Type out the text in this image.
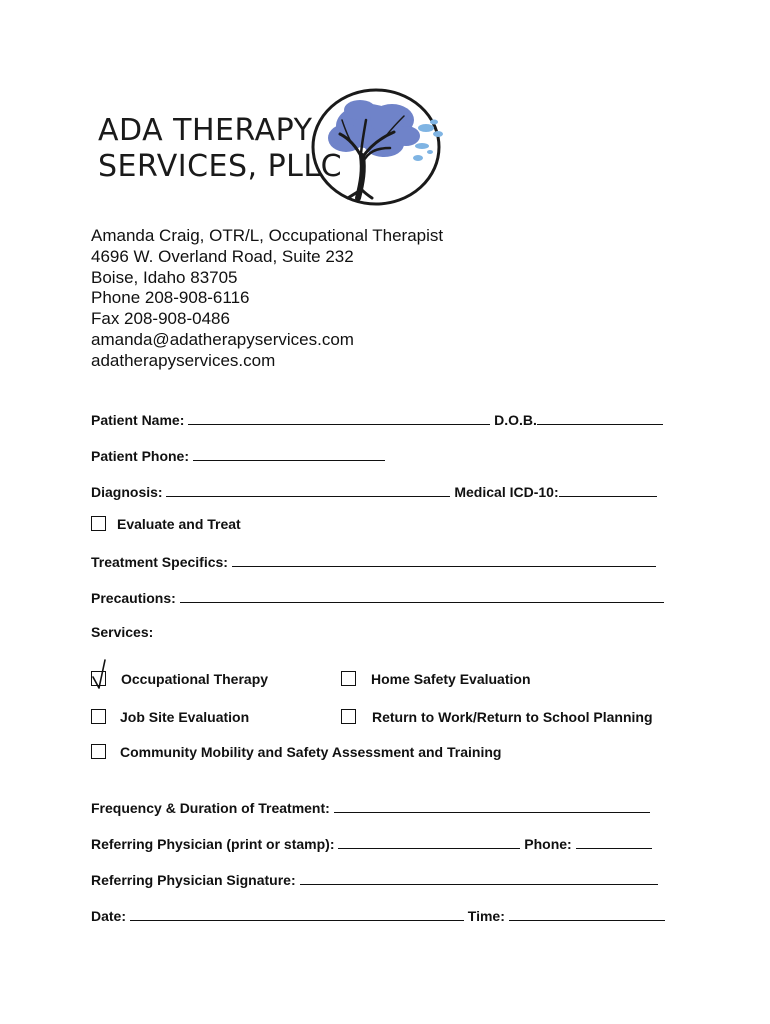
ADA THERAPY
SERVICES, PLLC
Amanda Craig, OTR/L, Occupational Therapist
4696 W. Overland Road, Suite 232
Boise, Idaho 83705
Phone 208-908-6116
Fax 208-908-0486
amanda@adatherapyservices.com
adatherapyservices.com
Patient Name:	D.O.B.
Patient Phone:
Diagnosis:	Medical ICD-10:
Evaluate and Treat
Treatment Specifics:
Precautions:
Services:
Occupational Therapy	Home Safety Evaluation
Job Site Evaluation	Return to Work/Return to School Planning
Community Mobility and Safety Assessment and Training
Frequency & Duration of Treatment:
Referring Physician (print or stamp):	Phone:
Referring Physician Signature:
Date:	Time:
